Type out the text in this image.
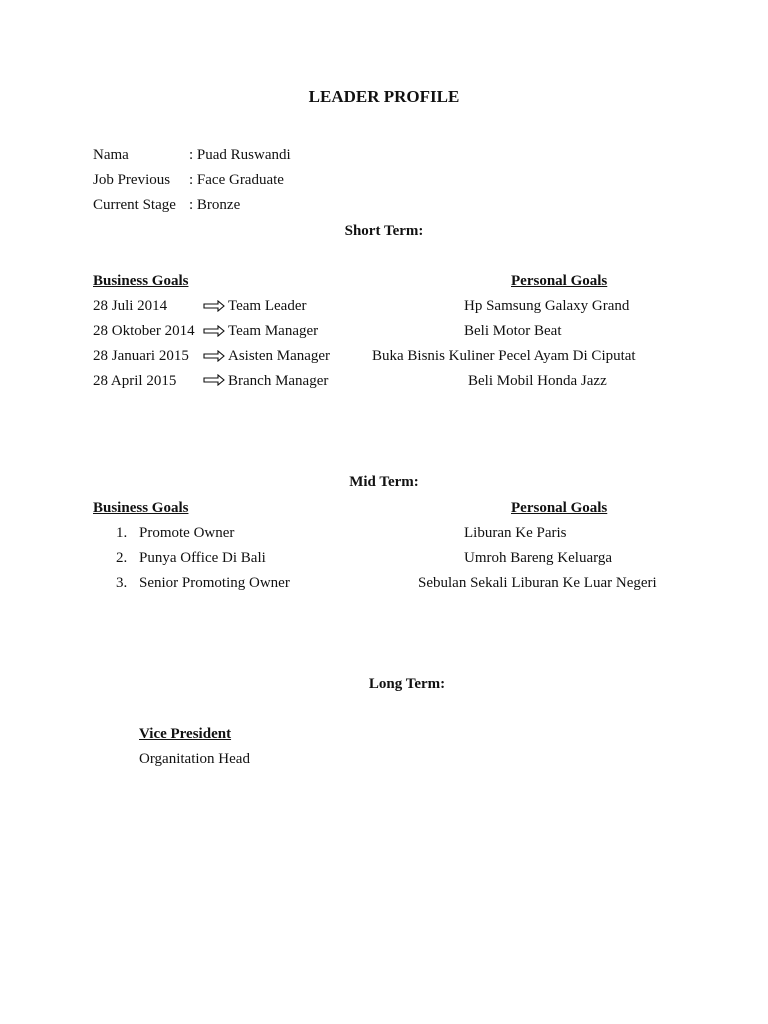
LEADER PROFILE
Nama	: Puad Ruswandi
Job Previous : Face Graduate
Current Stage : Bronze
Short Term:
Business Goals	Personal Goals
28 Juli 2014	Team Leader	Hp Samsung Galaxy Grand
28 Oktober 2014 Team Manager	Beli Motor Beat
28 Januari 2015	Asisten Manager	Buka Bisnis Kuliner Pecel Ayam Di Ciputat
28 April 2015	Branch Manager	Beli Mobil Honda Jazz
Mid Term:
Business Goals	Personal Goals
1. Promote Owner	Liburan Ke Paris
2. Punya Office Di Bali	Umroh Bareng Keluarga
3. Senior Promoting Owner	Sebulan Sekali Liburan Ke Luar Negeri
Long Term:
Vice President
Organitation Head
